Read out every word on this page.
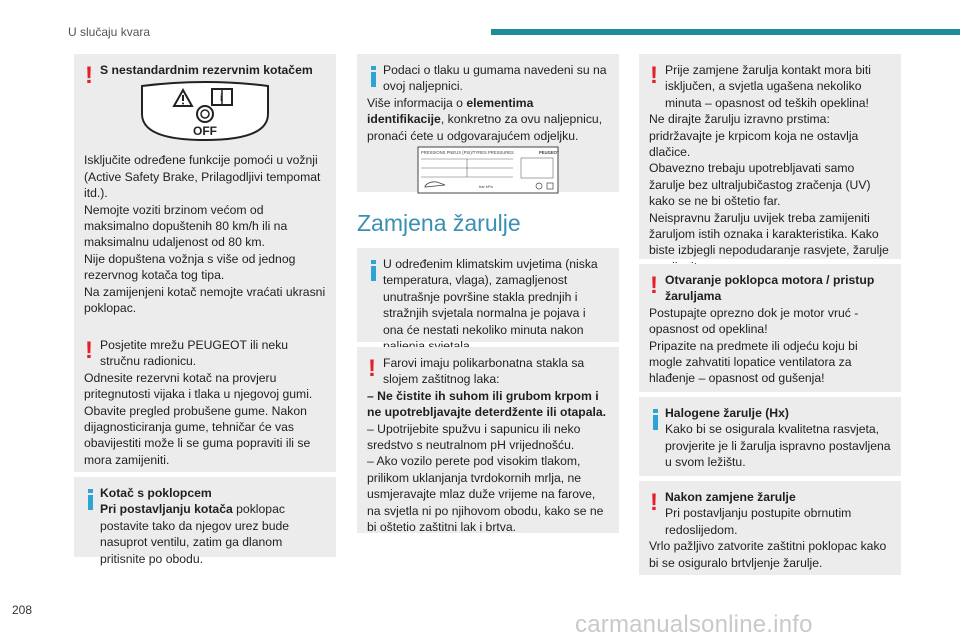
U slučaju kvara
! S nestandardnim rezervnim kotačem

i
OFF

Isključite određene funkcije pomoći u vožnji (Active Safety Brake, Prilagodljivi tempomat itd.).

Nemojte voziti brzinom većom od maksimalno dopuštenih 80 km/h ili na maksimalnu udaljenost od 80 km.

Nije dopuštena vožnja s više od jednog rezervnog kotača tog tipa.

Na zamijenjeni kotač nemojte vraćati ukrasni poklopac.

! Posjetite mrežu PEUGEOT ili neku stručnu radionicu.

Odnesite rezervni kotač na provjeru pritegnutosti vijaka i tlaka u njegovoj gumi. Obavite pregled probušene gume. Nakon dijagnosticiranja gume, tehničar će vas obavijestiti može li se guma popraviti ili se mora zamijeniti.

Kotač s poklopcem

Pri postavljanju kotača poklopac postavite tako da njegov urez bude nasuprot ventilu, zatim ga dlanom pritisnite po obodu.

Podaci o tlaku u gumama navedeni su na ovoj naljepnici.

Više informacija o elementima identifikacije, konkretno za ovu naljepnicu, pronaći ćete u odgovarajućem odjeljku.

PRESSIONS PNEUS (PSI)/TYRES PRESSURES	PEUGEOT
bar kPa
Zamjena žarulje

U određenim klimatskim uvjetima (niska temperatura, vlaga), zamagljenost unutrašnje površine stakla prednjih i stražnjih svjetala normalna je pojava i ona će nestati nekoliko minuta nakon

! Farovi imaju polikarbonatna stakla sa slojem zaštitnog laka:

– Ne čistite ih suhom ili grubom krpom i ne upotrebljavajte deterdžente ili otapala.

– Upotrijebite spužvu i sapunicu ili neko sredstvo s neutralnom pH vrijednošću.

– Ako vozilo perete pod visokim tlakom, prilikom uklanjanja tvrdokornih mrlja, ne usmjeravajte mlaz duže vrijeme na farove, na svjetla ni po njihovom obodu, kako se ne bi oštetio zaštitni lak i brtva.

! Prije zamjene žarulja kontakt mora biti isključen, a svjetla ugašena nekoliko minuta – opasnost od teških opeklina!

Ne dirajte žarulju izravno prstima: pridržavajte je krpicom koja ne ostavlja dlačice.

Obavezno trebaju upotrebljavati samo žarulje bez ultraljubičastog zračenja (UV) kako se ne bi oštetio far.

Neispravnu žarulju uvijek treba zamijeniti žaruljom istih oznaka i karakteristika. Kako biste izbjegli nepodudaranje rasvjete, žarulje

! Otvaranje poklopca motora / pristup žaruljama

Postupajte oprezno dok je motor vruć - opasnost od opeklina!

Pripazite na predmete ili odjeću koju bi mogle zahvatiti lopatice ventilatora za hlađenje – opasnost od gušenja!

Halogene žarulje (Hx)

Kako bi se osigurala kvalitetna rasvjeta, provjerite je li žarulja ispravno postavljena u svom ležištu.

! Nakon zamjene žarulje

Pri postavljanju postupite obrnutim redoslijedom.

Vrlo pažljivo zatvorite zaštitni poklopac kako bi se osiguralo brtvljenje žarulje.

208
carmanualsonline.info
